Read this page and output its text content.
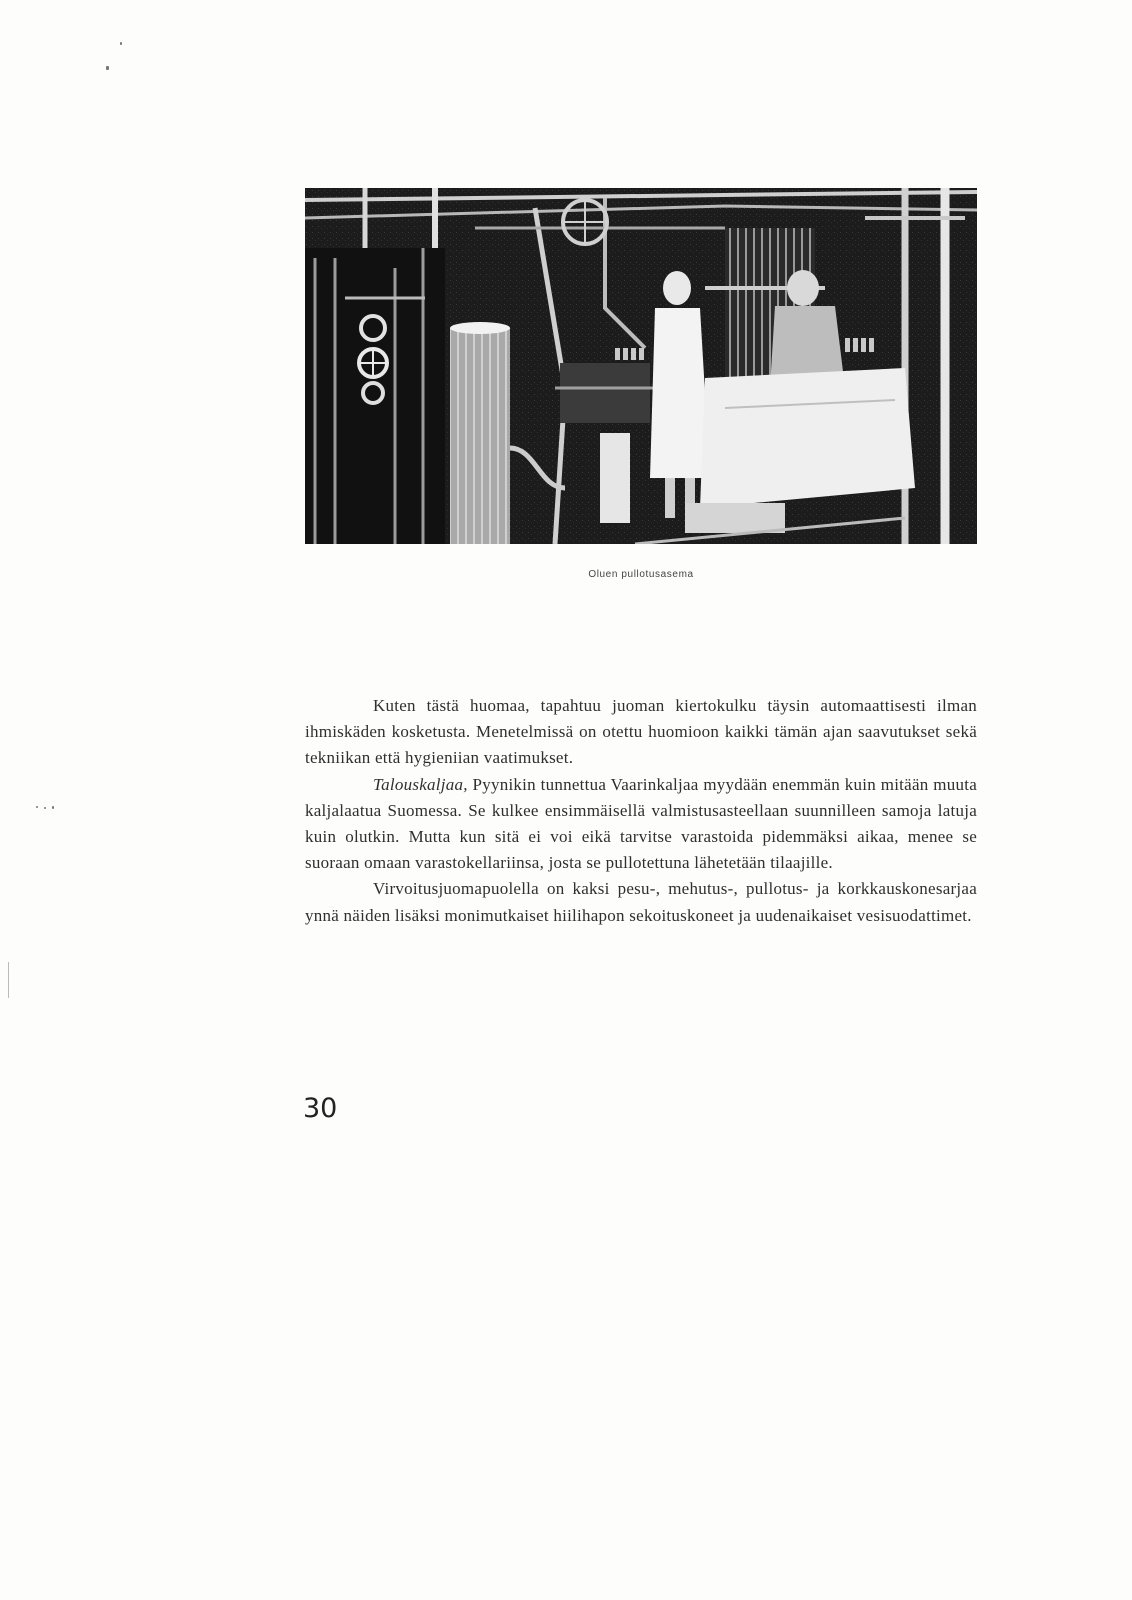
Oluen pullotusasema

Kuten tästä huomaa, tapahtuu juoman kiertokulku täysin automaattisesti ilman ihmiskäden kosketusta. Menetelmissä on otettu huomioon kaikki tämän ajan saavutukset sekä tekniikan että hygieniian vaatimukset.

Talouskaljaa, Pyynikin tunnettua Vaarinkaljaa myydään enemmän kuin mitään muuta kaljalaatua Suomessa. Se kulkee ensimmäisellä valmistusasteellaan suunnilleen samoja latuja kuin olutkin. Mutta kun sitä ei voi eikä tarvitse varastoida pidemmäksi aikaa, menee se suoraan omaan varastokellariinsa, josta se pullotettuna lähetetään tilaajille.

Virvoitusjuomapuolella on kaksi pesu-, mehutus-, pullotus- ja korkkauskonesarjaa ynnä näiden lisäksi monimutkaiset hiilihapon sekoituskoneet ja uudenaikaiset vesisuodattimet.

30
